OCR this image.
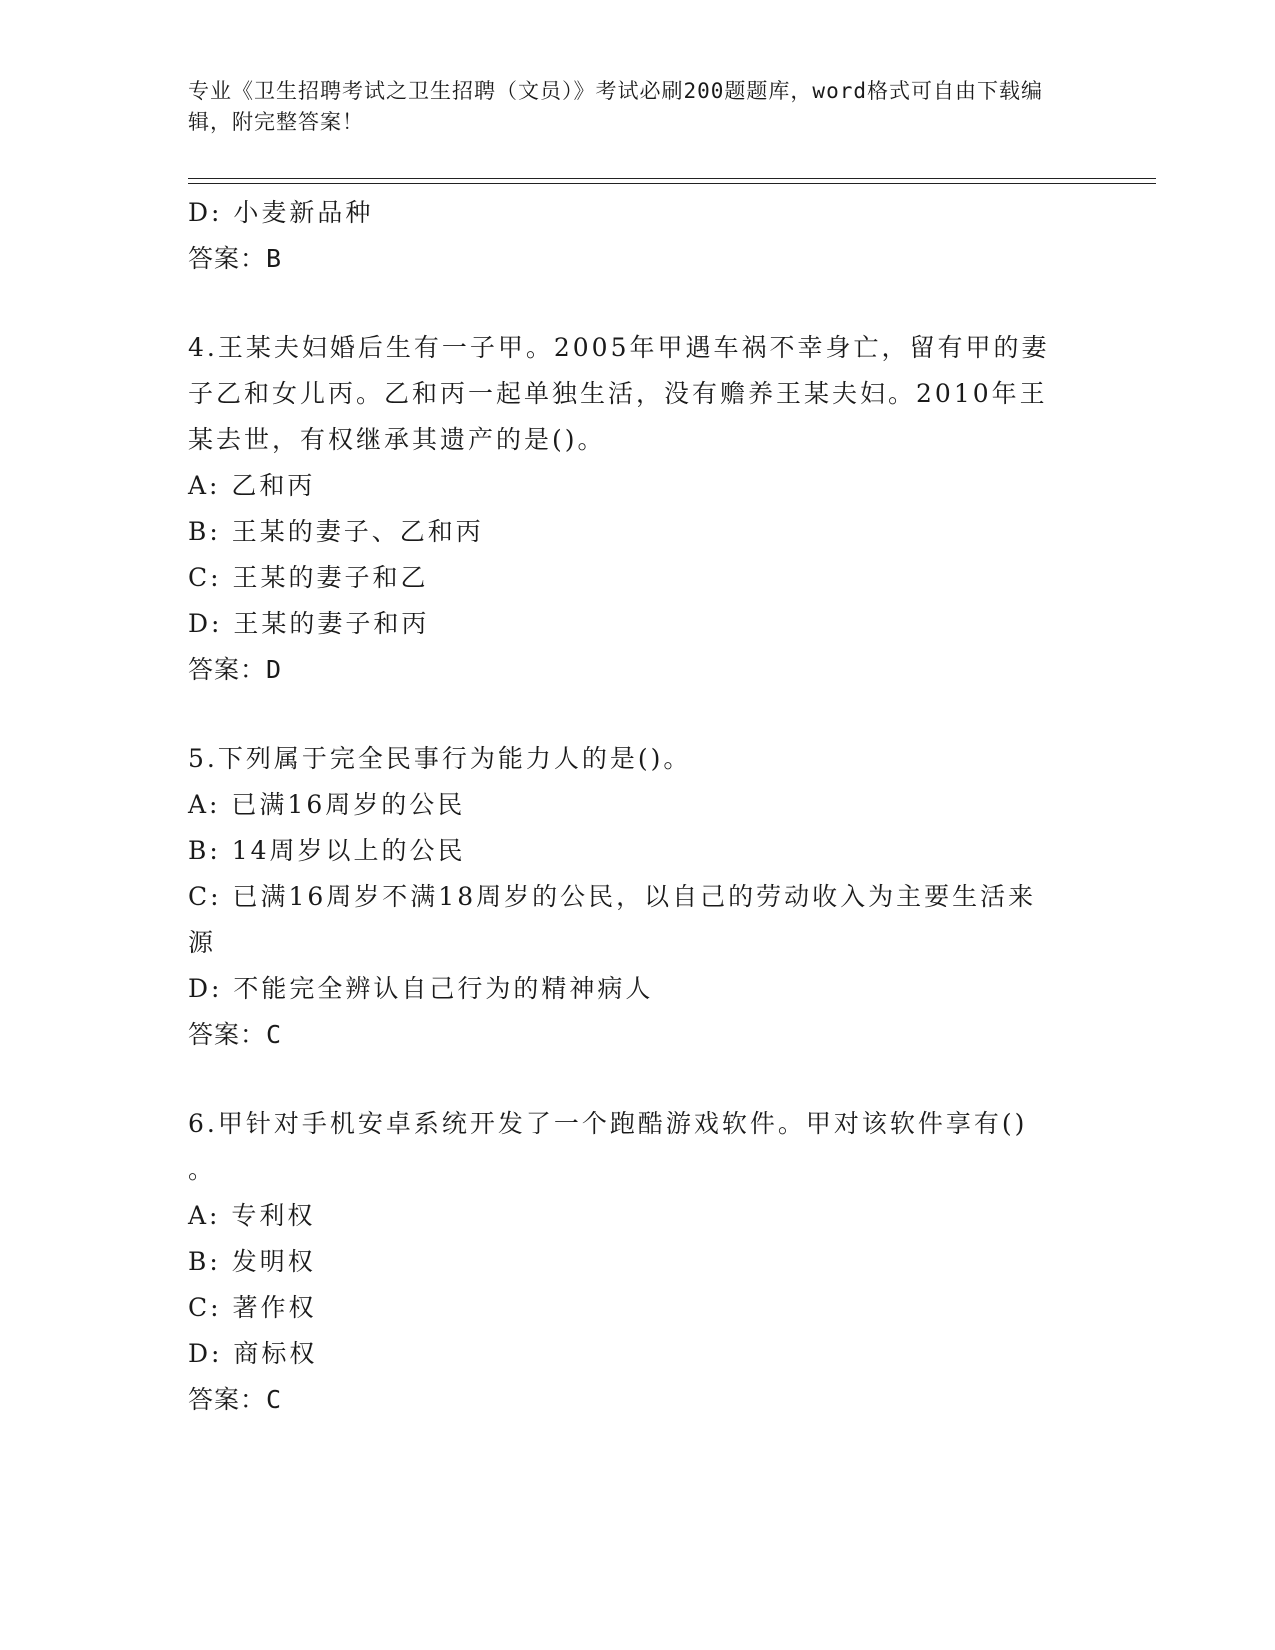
专业《卫生招聘考试之卫生招聘（文员）》考试必刷200题题库，word格式可自由下载编辑，附完整答案！
D: 小麦新品种
答案：B
4.王某夫妇婚后生有一子甲。2005年甲遇车祸不幸身亡，留有甲的妻
子乙和女儿丙。乙和丙一起单独生活，没有赡养王某夫妇。2010年王
某去世，有权继承其遗产的是()。
A: 乙和丙
B: 王某的妻子、乙和丙
C: 王某的妻子和乙
D: 王某的妻子和丙
答案：D
5.下列属于完全民事行为能力人的是()。
A: 已满16周岁的公民
B: 14周岁以上的公民
C: 已满16周岁不满18周岁的公民，以自己的劳动收入为主要生活来
源
D: 不能完全辨认自己行为的精神病人
答案：C
6.甲针对手机安卓系统开发了一个跑酷游戏软件。甲对该软件享有()
。
A: 专利权
B: 发明权
C: 著作权
D: 商标权
答案：C
